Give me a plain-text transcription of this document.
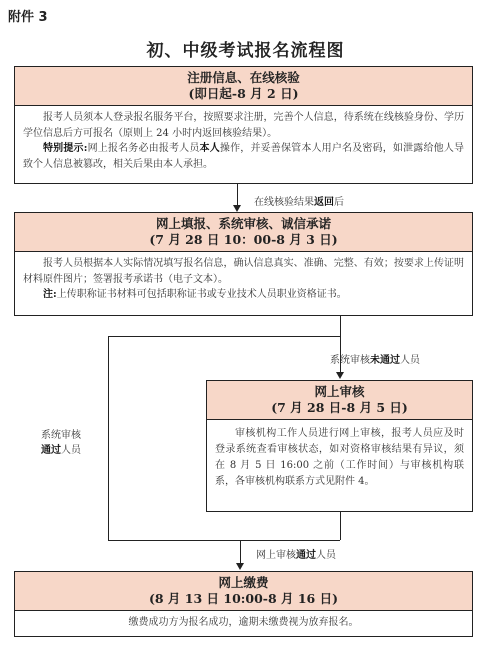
附件 3
初、中级考试报名流程图
注册信息、在线核验
(即日起-8 月 2 日)
报考人员须本人登录报名服务平台，按照要求注册，完善个人信息，待系统在线核验身份、学历学位信息后方可报名（原则上 24 小时内返回核验结果）。
特别提示:网上报名务必由报考人员本人操作，并妥善保管本人用户名及密码，如泄露给他人导致个人信息被篡改，相关后果由本人承担。
在线核验结果返回后
网上填报、系统审核、诚信承诺
(7 月 28 日 10：00-8 月 3 日)
报考人员根据本人实际情况填写报名信息，确认信息真实、准确、完整、有效；按要求上传证明材料原件图片；签署报考承诺书（电子文本）。
注:上传职称证书材料可包括职称证书或专业技术人员职业资格证书。
系统审核未通过人员
系统审核
通过人员
网上审核
(7 月 28 日-8 月 5 日)
审核机构工作人员进行网上审核，报考人员应及时登录系统查看审核状态，如对资格审核结果有异议，须在 8 月 5 日 16:00 之前（工作时间）与审核机构联系，各审核机构联系方式见附件 4。
网上审核通过人员
网上缴费
(8 月 13 日 10:00-8 月 16 日)
缴费成功方为报名成功，逾期未缴费视为放弃报名。
